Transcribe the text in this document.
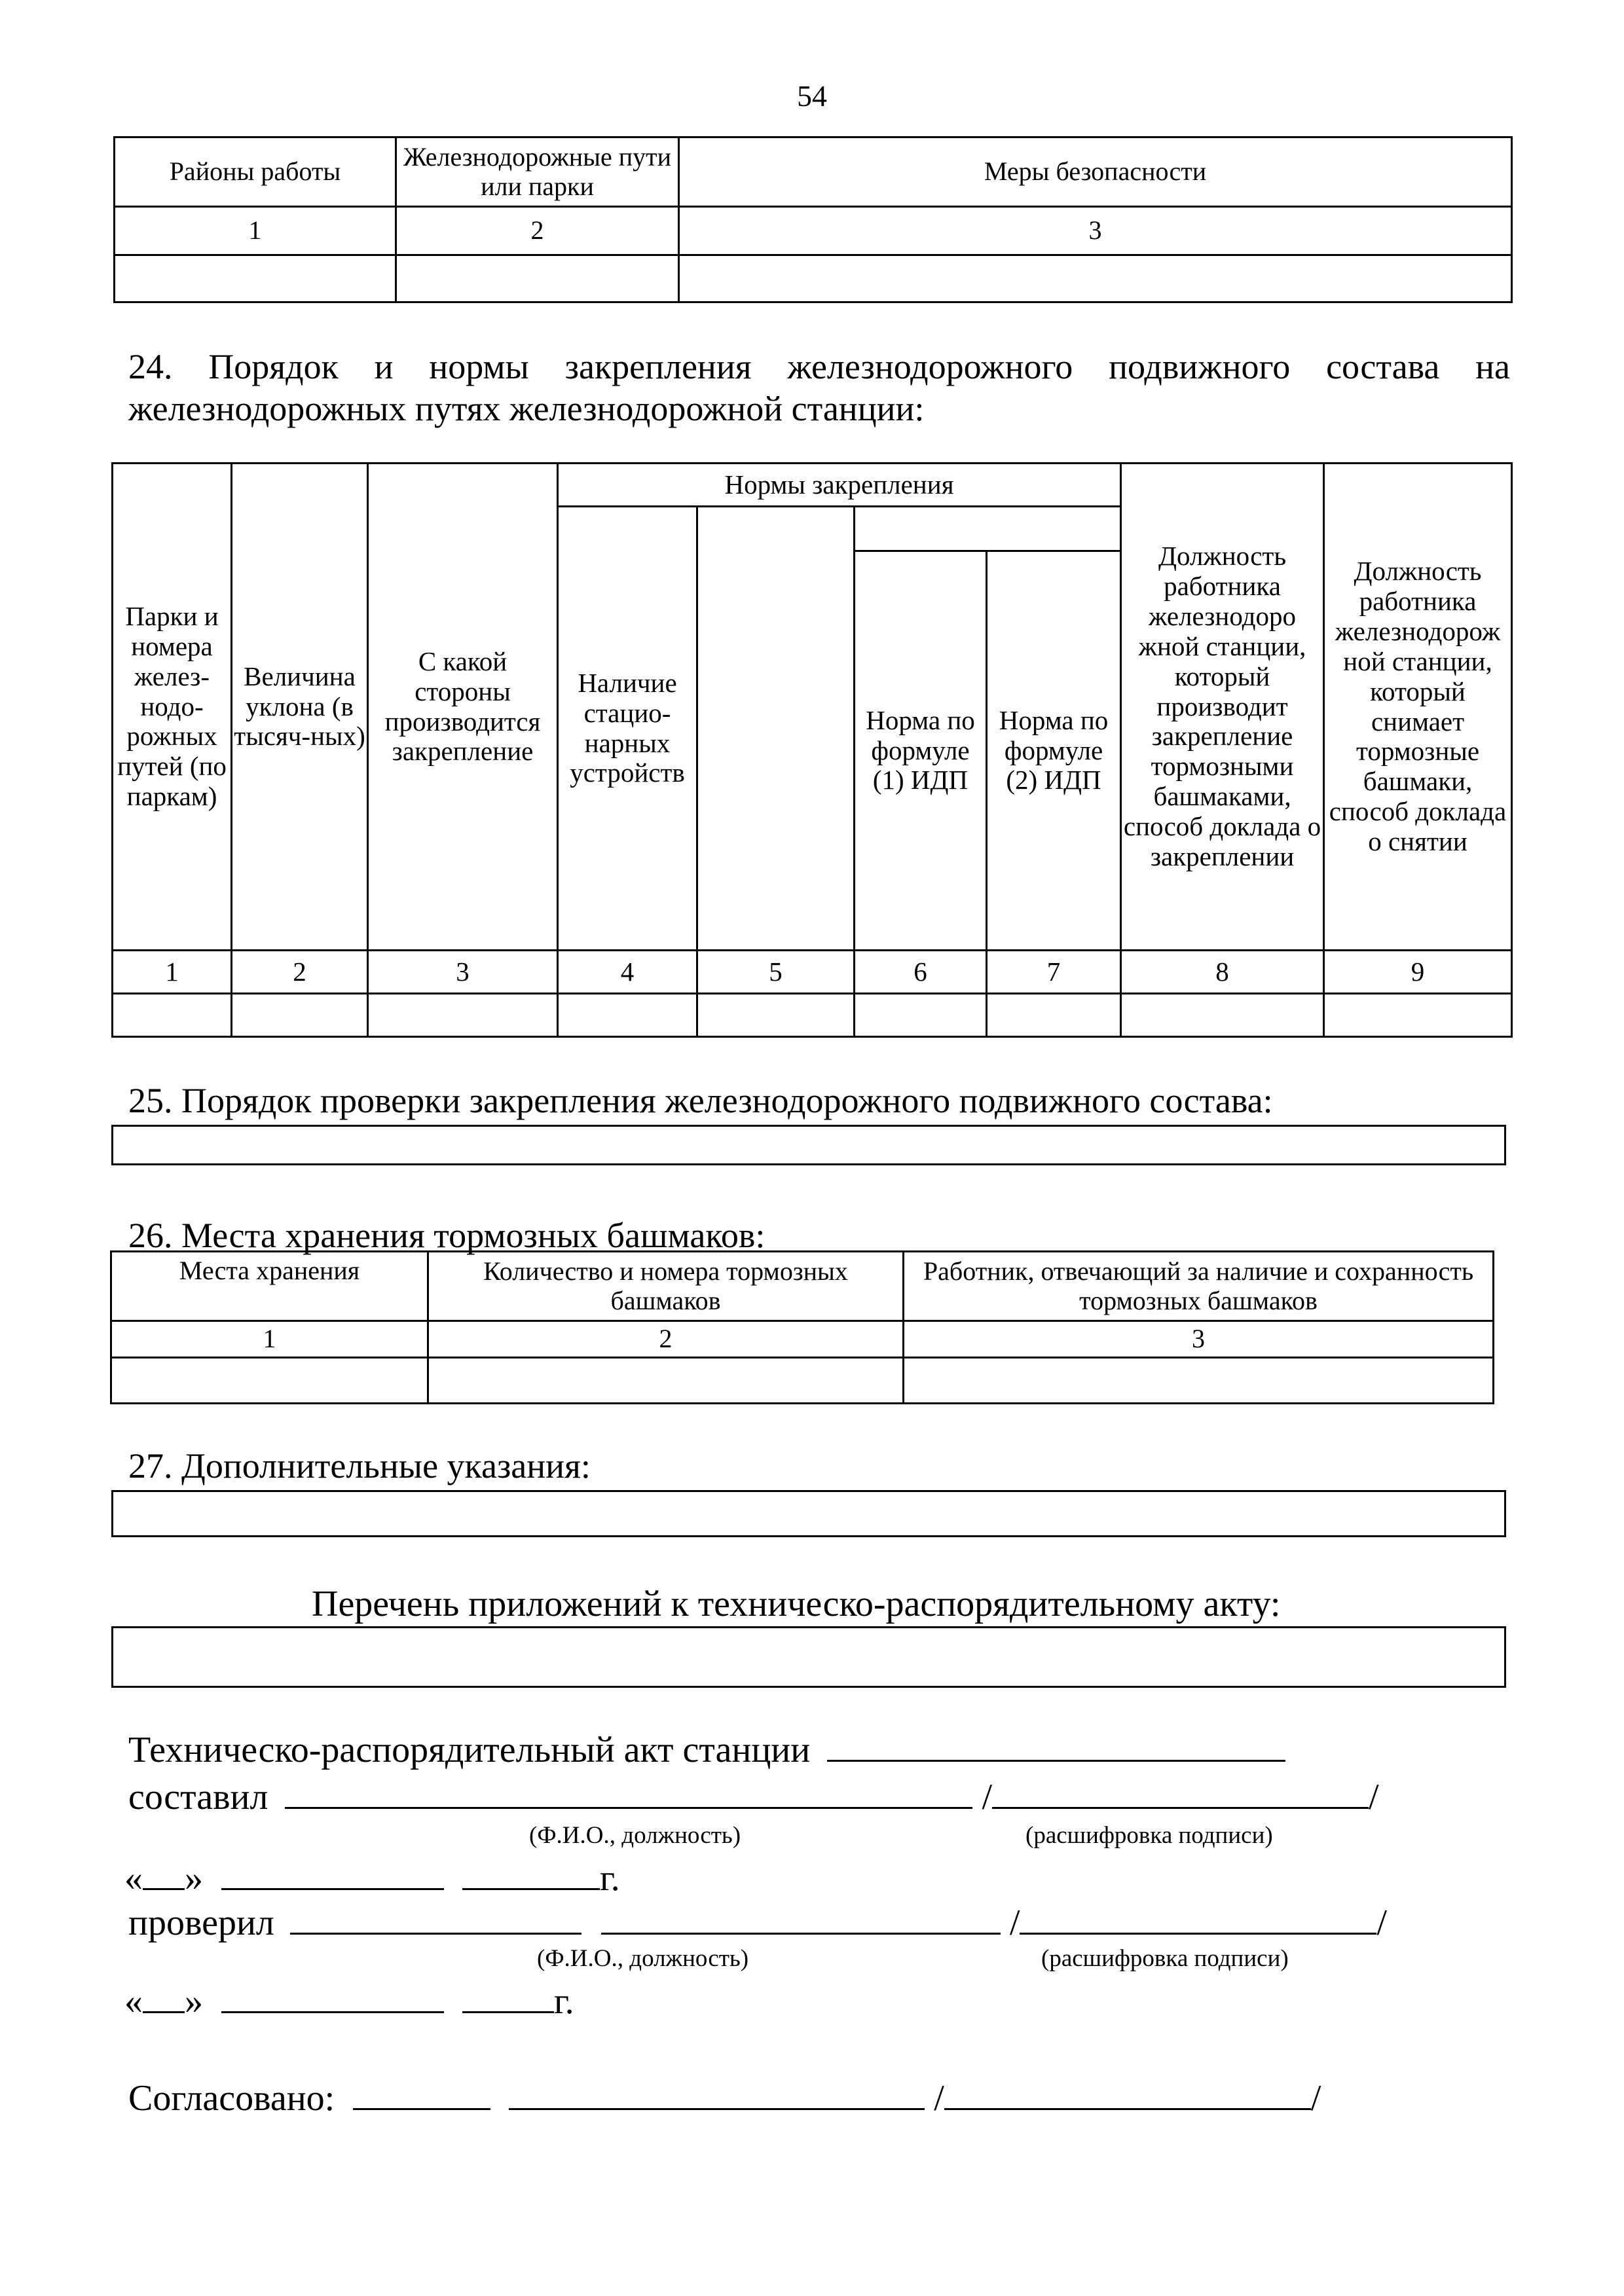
54
Районы работы	Железнодорожные пути или парки	Меры безопасности
1	2	3

24. Порядок и нормы закрепления железнодорожного подвижного состава на железнодорожных путях железнодорожной станции:
Парки и номера желез-нодо-рожных путей (по паркам)	Величина уклона (в тысяч-ных)	С какой стороны производится закрепление	Нормы закрепления				Должность работника железнодоро жной станции, который производит закрепление тормозными башмаками, способ доклада о закреплении	Должность работника железнодорож ной станции, который снимает тормозные башмаки, способ доклада о снятии
			Наличие стацио-нарных устройств					
					Норма по формуле (1) ИДП	Норма по формуле (2) ИДП		
1	2	3	4	5	6	7	8	9

25. Порядок проверки закрепления железнодорожного подвижного состава:
26. Места хранения тормозных башмаков:
Места хранения	Количество и номера тормозных башмаков	Работник, отвечающий за наличие и сохранность тормозных башмаков
1	2	3

27. Дополнительные указания:
Перечень приложений к техническо-распорядительному акту:
Техническо-распорядительный акт станции
составил	/	/
(Ф.И.О., должность)	(расшифровка подписи)
« »	г.
проверил	/	/
(Ф.И.О., должность)	(расшифровка подписи)
« »	г.
Согласовано:	/	/
